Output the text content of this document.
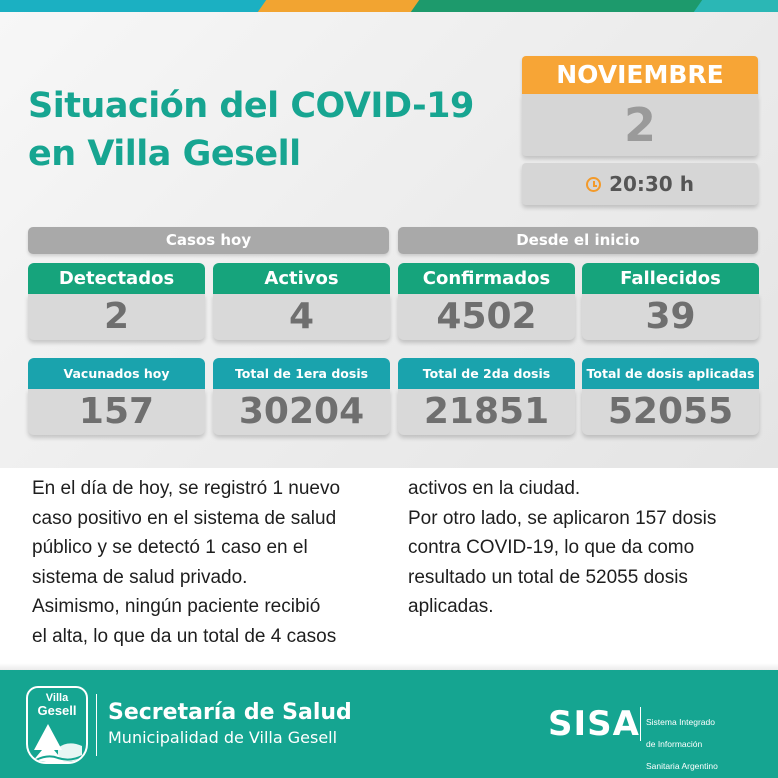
Situación del COVID-19
en Villa Gesell
NOVIEMBRE
2
20:30 h
Casos hoy	Desde el inicio
Detectados
2
Activos
4
Confirmados
4502
Fallecidos
39
Vacunados hoy
157
Total de 1era dosis
30204
Total de 2da dosis
21851
Total de dosis aplicadas
52055
En el día de hoy, se registró 1 nuevo
caso positivo en el sistema de salud
público y se detectó 1 caso en el
sistema de salud privado.
Asimismo, ningún paciente recibió
el alta, lo que da un total de 4 casos
activos en la ciudad.
Por otro lado, se aplicaron 157 dosis
contra COVID-19, lo que da como
resultado un total de 52055 dosis
aplicadas.
Villa
Gesell	Secretaría de Salud
Municipalidad de Villa Gesell	SISA Sistema Integrado

de Información

Sanitaria Argentino
